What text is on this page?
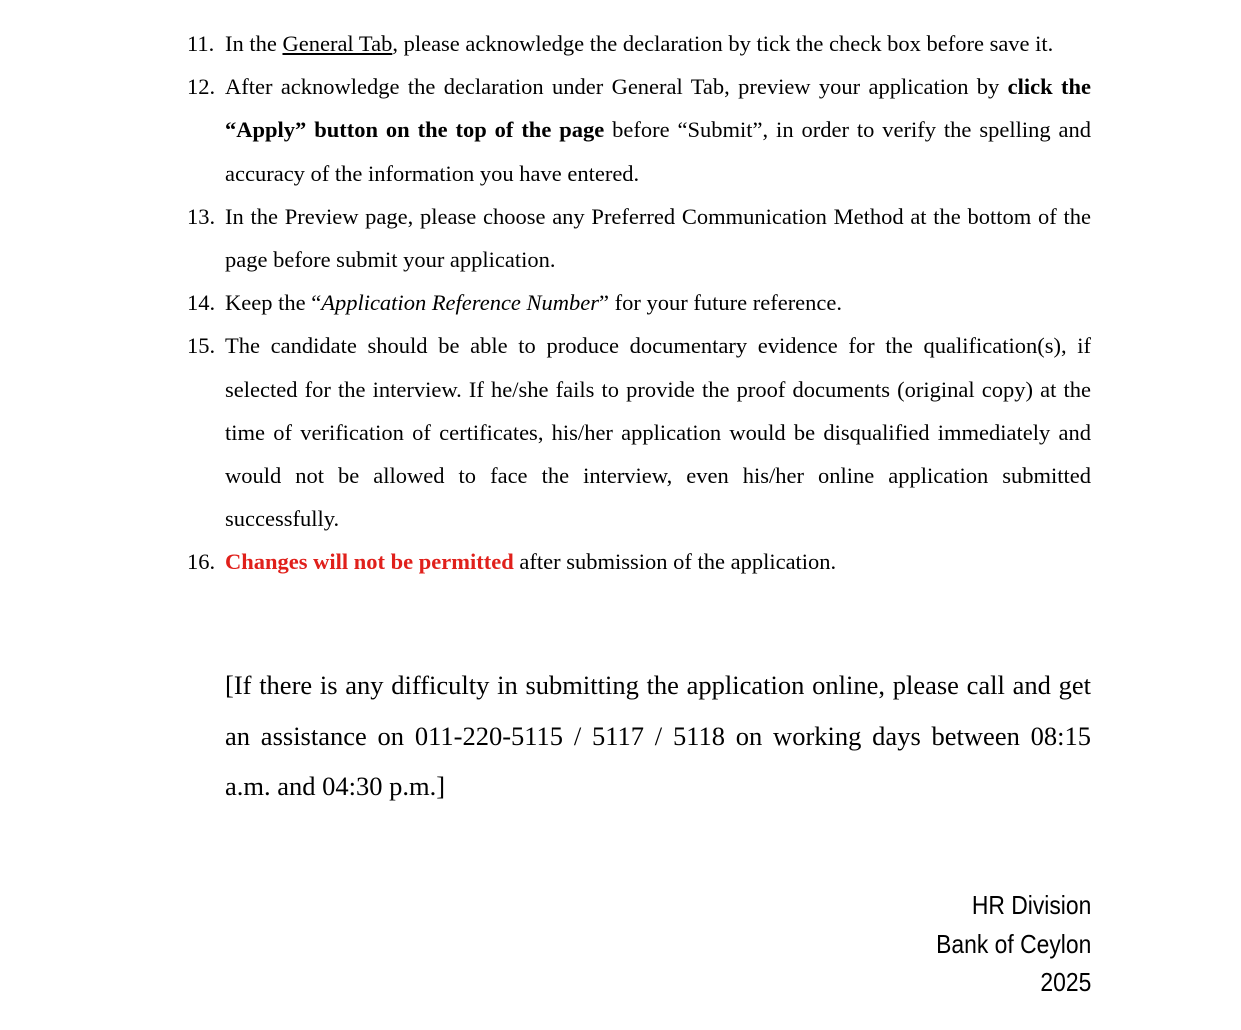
11. In the General Tab, please acknowledge the declaration by tick the check box before save it.
12. After acknowledge the declaration under General Tab, preview your application by click the “Apply” button on the top of the page before “Submit”, in order to verify the spelling and accuracy of the information you have entered.
13. In the Preview page, please choose any Preferred Communication Method at the bottom of the page before submit your application.
14. Keep the “Application Reference Number” for your future reference.
15. The candidate should be able to produce documentary evidence for the qualification(s), if selected for the interview. If he/she fails to provide the proof documents (original copy) at the time of verification of certificates, his/her application would be disqualified immediately and would not be allowed to face the interview, even his/her online application submitted successfully.
16. Changes will not be permitted after submission of the application.

[If there is any difficulty in submitting the application online, please call and get an assistance on 011-220-5115 / 5117 / 5118 on working days between 08:15 a.m. and 04:30 p.m.]

HR Division
Bank of Ceylon
2025
